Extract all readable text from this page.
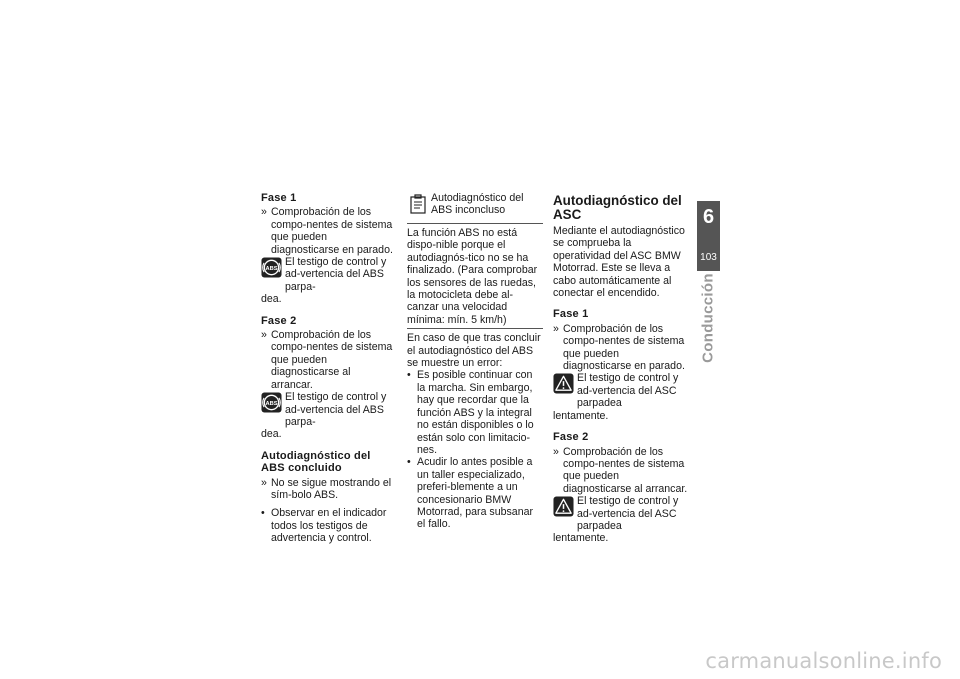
Fase 1
» Comprobación de los compo-nentes de sistema que pueden diagnosticarse en parado.
ABS
El testigo de control y ad-vertencia del ABS parpa-
dea.
Fase 2
» Comprobación de los compo-nentes de sistema que pueden diagnosticarse al arrancar.
ABS
El testigo de control y ad-vertencia del ABS parpa-
dea.
Autodiagnóstico del ABS concluido
» No se sigue mostrando el sím-bolo ABS.
• Observar en el indicador todos los testigos de advertencia y control.
Autodiagnóstico del ABS inconcluso
La función ABS no está dispo-nible porque el autodiagnós-tico no se ha finalizado. (Para comprobar los sensores de las ruedas, la motocicleta debe al-canzar una velocidad mínima: mín. 5 km/h)
En caso de que tras concluir el autodiagnóstico del ABS se muestre un error:
• Es posible continuar con la marcha. Sin embargo, hay que recordar que la función ABS y la integral no están disponibles o lo están solo con limitacio-nes.
• Acudir lo antes posible a un taller especializado, preferi-blemente a un concesionario BMW Motorrad, para subsanar el fallo.
Autodiagnóstico del ASC
Mediante el autodiagnóstico se comprueba la operatividad del ASC BMW Motorrad. Este se lleva a cabo automáticamente al conectar el encendido.
Fase 1
» Comprobación de los compo-nentes de sistema que pueden diagnosticarse en parado.
El testigo de control y ad-vertencia del ASC parpadea
lentamente.
Fase 2
» Comprobación de los compo-nentes de sistema que pueden diagnosticarse al arrancar.
El testigo de control y ad-vertencia del ASC parpadea
lentamente.
6
103
Conducción
carmanualsonline.info
